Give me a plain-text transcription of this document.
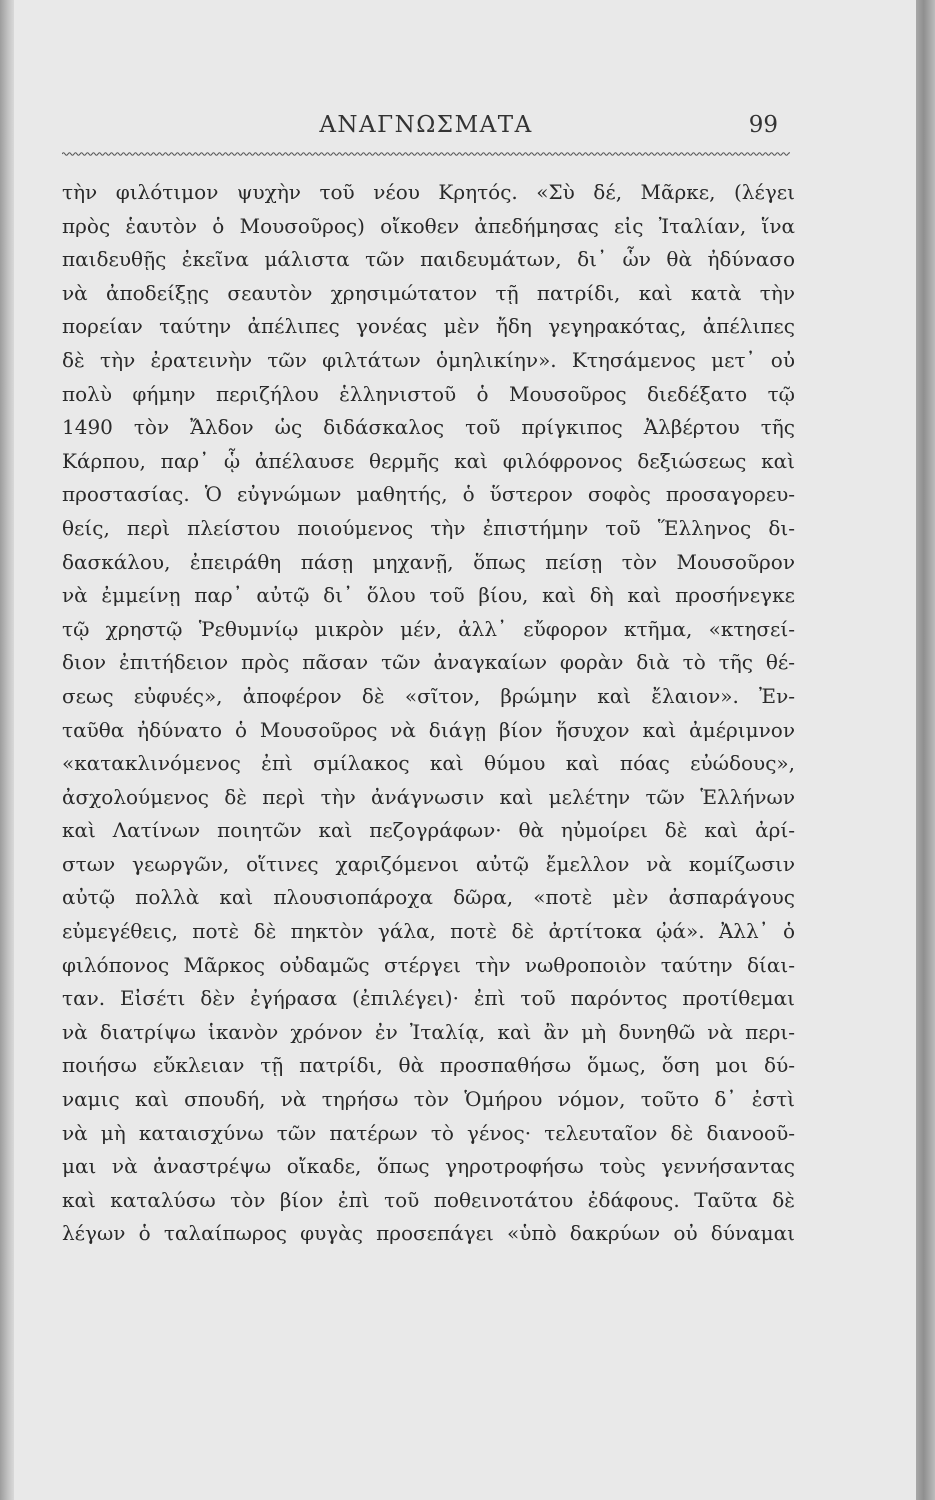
ΑΝΑΓΝΩΣΜΑΤΑ	99
τὴν φιλότιμον ψυχὴν τοῦ νέου Κρητός. «Σὺ δέ, Μᾶρκε, (λέγει
πρὸς ἑαυτὸν ὁ Μουσοῦρος) οἴκοθεν ἀπεδήμησας εἰς Ἰταλίαν, ἵνα
παιδευθῇς ἐκεῖνα μάλιστα τῶν παιδευμάτων, δι᾽ ὧν θὰ ἠδύνασο
νὰ ἀποδείξῃς σεαυτὸν χρησιμώτατον τῇ πατρίδι, καὶ κατὰ τὴν
πορείαν ταύτην ἀπέλιπες γονέας μὲν ἤδη γεγηρακότας, ἀπέλιπες
δὲ τὴν ἐρατεινὴν τῶν φιλτάτων ὁμηλικίην». Κτησάμενος μετ᾽ οὐ
πολὺ φήμην περιζήλου ἑλληνιστοῦ ὁ Μουσοῦρος διεδέξατο τῷ
1490 τὸν Ἄλδον ὡς διδάσκαλος τοῦ πρίγκιπος Ἀλβέρτου τῆς
Κάρπου, παρ᾽ ᾧ ἀπέλαυσε θερμῆς καὶ φιλόφρονος δεξιώσεως καὶ
προστασίας. Ὁ εὐγνώμων μαθητής, ὁ ὕστερον σοφὸς προσαγορευ-
θείς, περὶ πλείστου ποιούμενος τὴν ἐπιστήμην τοῦ Ἕλληνος δι-
δασκάλου, ἐπειράθη πάσῃ μηχανῇ, ὅπως πείσῃ τὸν Μουσοῦρον
νὰ ἐμμείνῃ παρ᾽ αὐτῷ δι᾽ ὅλου τοῦ βίου, καὶ δὴ καὶ προσήνεγκε
τῷ χρηστῷ Ῥεθυμνίῳ μικρὸν μέν, ἀλλ᾽ εὔφορον κτῆμα, «κτησεί-
διον ἐπιτήδειον πρὸς πᾶσαν τῶν ἀναγκαίων φορὰν διὰ τὸ τῆς θέ-
σεως εὐφυές», ἀποφέρον δὲ «σῖτον, βρώμην καὶ ἔλαιον». Ἐν-
ταῦθα ἠδύνατο ὁ Μουσοῦρος νὰ διάγῃ βίον ἥσυχον καὶ ἀμέριμνον
«κατακλινόμενος ἐπὶ σμίλακος καὶ θύμου καὶ πόας εὐώδους»,
ἀσχολούμενος δὲ περὶ τὴν ἀνάγνωσιν καὶ μελέτην τῶν Ἑλλήνων
καὶ Λατίνων ποιητῶν καὶ πεζογράφων· θὰ ηὐμοίρει δὲ καὶ ἀρί-
στων γεωργῶν, οἵτινες χαριζόμενοι αὐτῷ ἔμελλον νὰ κομίζωσιν
αὐτῷ πολλὰ καὶ πλουσιοπάροχα δῶρα, «ποτὲ μὲν ἀσπαράγους
εὐμεγέθεις, ποτὲ δὲ πηκτὸν γάλα, ποτὲ δὲ ἀρτίτοκα ᾠά». Ἀλλ᾽ ὁ
φιλόπονος Μᾶρκος οὐδαμῶς στέργει τὴν νωθροποιὸν ταύτην δίαι-
ταν. Εἰσέτι δὲν ἐγήρασα (ἐπιλέγει)· ἐπὶ τοῦ παρόντος προτίθεμαι
νὰ διατρίψω ἱκανὸν χρόνον ἐν Ἰταλίᾳ, καὶ ἂν μὴ δυνηθῶ νὰ περι-
ποιήσω εὔκλειαν τῇ πατρίδι, θὰ προσπαθήσω ὅμως, ὅση μοι δύ-
ναμις καὶ σπουδή, νὰ τηρήσω τὸν Ὁμήρου νόμον, τοῦτο δ᾽ ἐστὶ
νὰ μὴ καταισχύνω τῶν πατέρων τὸ γένος· τελευταῖον δὲ διανοοῦ-
μαι νὰ ἀναστρέψω οἴκαδε, ὅπως γηροτροφήσω τοὺς γεννήσαντας
καὶ καταλύσω τὸν βίον ἐπὶ τοῦ ποθεινοτάτου ἐδάφους. Ταῦτα δὲ
λέγων ὁ ταλαίπωρος φυγὰς προσεπάγει «ὑπὸ δακρύων οὐ δύναμαι
